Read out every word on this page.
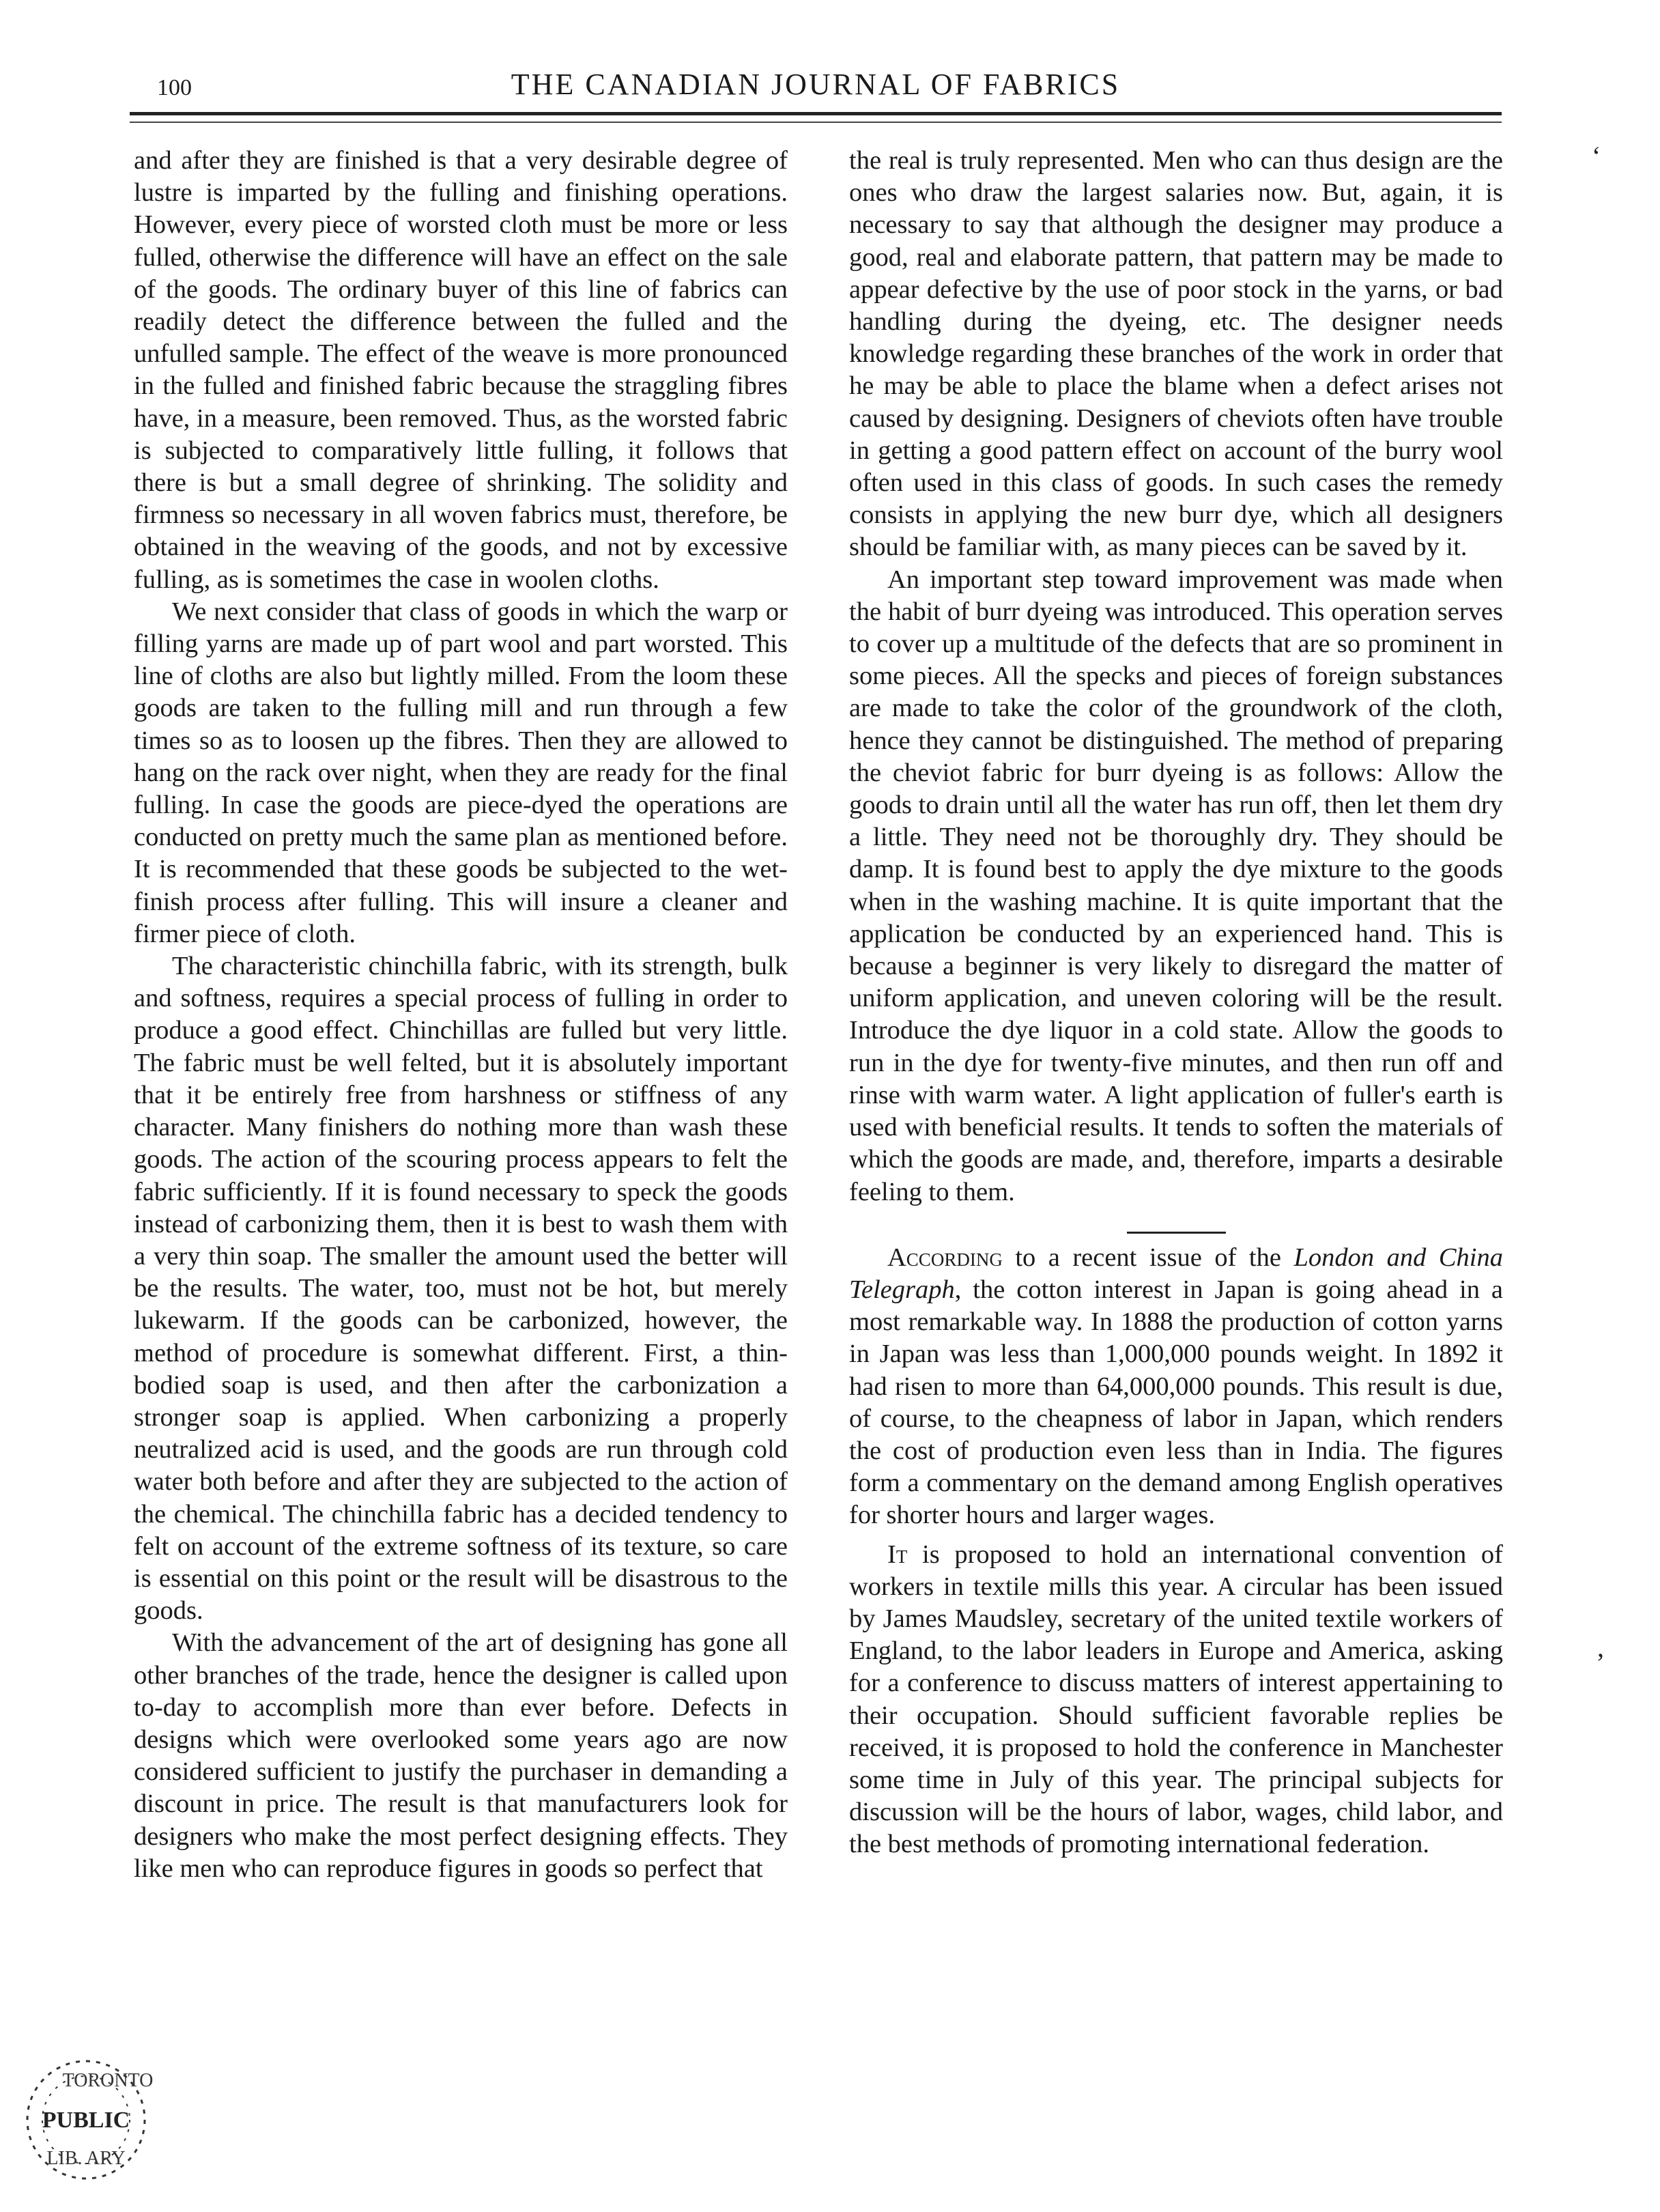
100	THE CANADIAN JOURNAL OF FABRICS

and after they are finished is that a very desirable degree of lustre is imparted by the fulling and finishing operations. However, every piece of worsted cloth must be more or less fulled, otherwise the difference will have an effect on the sale of the goods. The ordinary buyer of this line of fabrics can readily detect the difference between the fulled and the unfulled sample. The effect of the weave is more pronounced in the fulled and finished fabric because the straggling fibres have, in a measure, been removed. Thus, as the worsted fabric is subjected to comparatively little fulling, it follows that there is but a small degree of shrinking. The solidity and firmness so necessary in all woven fabrics must, therefore, be obtained in the weaving of the goods, and not by excessive fulling, as is sometimes the case in woolen cloths.

We next consider that class of goods in which the warp or filling yarns are made up of part wool and part worsted. This line of cloths are also but lightly milled. From the loom these goods are taken to the fulling mill and run through a few times so as to loosen up the fibres. Then they are allowed to hang on the rack over night, when they are ready for the final fulling. In case the goods are piece-dyed the operations are conducted on pretty much the same plan as mentioned before. It is recommended that these goods be subjected to the wet-finish process after fulling. This will insure a cleaner and firmer piece of cloth.

The characteristic chinchilla fabric, with its strength, bulk and softness, requires a special process of fulling in order to produce a good effect. Chinchillas are fulled but very little. The fabric must be well felted, but it is absolutely important that it be entirely free from harshness or stiffness of any character. Many finishers do nothing more than wash these goods. The action of the scouring process appears to felt the fabric sufficiently. If it is found necessary to speck the goods instead of carbonizing them, then it is best to wash them with a very thin soap. The smaller the amount used the better will be the results. The water, too, must not be hot, but merely lukewarm. If the goods can be carbonized, however, the method of procedure is somewhat different. First, a thin-bodied soap is used, and then after the carbonization a stronger soap is applied. When carbonizing a properly neutralized acid is used, and the goods are run through cold water both before and after they are subjected to the action of the chemical. The chinchilla fabric has a decided tendency to felt on account of the extreme softness of its texture, so care is essential on this point or the result will be disastrous to the goods.

With the advancement of the art of designing has gone all other branches of the trade, hence the designer is called upon to-day to accomplish more than ever before. Defects in designs which were overlooked some years ago are now considered sufficient to justify the purchaser in demanding a discount in price. The result is that manufacturers look for designers who make the most perfect designing effects. They like men who can reproduce figures in goods so perfect that

the real is truly represented. Men who can thus design are the ones who draw the largest salaries now. But, again, it is necessary to say that although the designer may produce a good, real and elaborate pattern, that pattern may be made to appear defective by the use of poor stock in the yarns, or bad handling during the dyeing, etc. The designer needs knowledge regarding these branches of the work in order that he may be able to place the blame when a defect arises not caused by designing. Designers of cheviots often have trouble in getting a good pattern effect on account of the burry wool often used in this class of goods. In such cases the remedy consists in applying the new burr dye, which all designers should be familiar with, as many pieces can be saved by it.

An important step toward improvement was made when the habit of burr dyeing was introduced. This operation serves to cover up a multitude of the defects that are so prominent in some pieces. All the specks and pieces of foreign substances are made to take the color of the groundwork of the cloth, hence they cannot be distinguished. The method of preparing the cheviot fabric for burr dyeing is as follows: Allow the goods to drain until all the water has run off, then let them dry a little. They need not be thoroughly dry. They should be damp. It is found best to apply the dye mixture to the goods when in the washing machine. It is quite important that the application be conducted by an experienced hand. This is because a beginner is very likely to disregard the matter of uniform application, and uneven coloring will be the result. Introduce the dye liquor in a cold state. Allow the goods to run in the dye for twenty-five minutes, and then run off and rinse with warm water. A light application of fuller's earth is used with beneficial results. It tends to soften the materials of which the goods are made, and, therefore, imparts a desirable feeling to them.

According to a recent issue of the London and China Telegraph, the cotton interest in Japan is going ahead in a most remarkable way. In 1888 the production of cotton yarns in Japan was less than 1,000,000 pounds weight. In 1892 it had risen to more than 64,000,000 pounds. This result is due, of course, to the cheapness of labor in Japan, which renders the cost of production even less than in India. The figures form a commentary on the demand among English operatives for shorter hours and larger wages.

It is proposed to hold an international convention of workers in textile mills this year. A circular has been issued by James Maudsley, secretary of the united textile workers of England, to the labor leaders in Europe and America, asking for a conference to discuss matters of interest appertaining to their occupation. Should sufficient favorable replies be received, it is proposed to hold the conference in Manchester some time in July of this year. The principal subjects for discussion will be the hours of labor, wages, child labor, and the best methods of promoting international federation.

TORONTO
PUBLIC
LIB. ARY
‘
’
